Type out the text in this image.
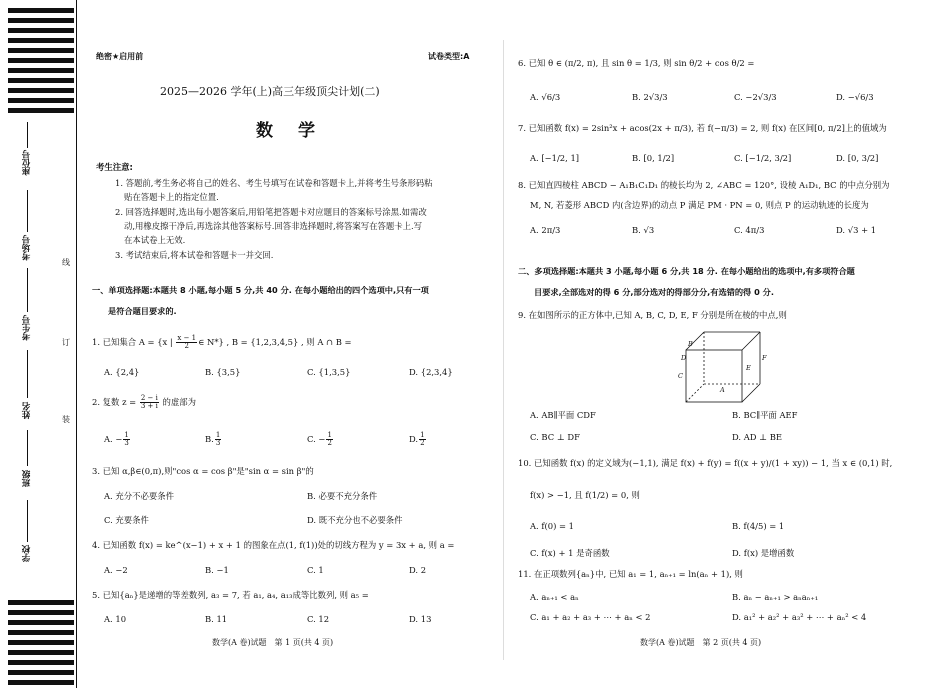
座位号
考场号
考生号
姓名
班级
学校
线
订
装
绝密★启用前	试卷类型:A
2025—2026 学年(上)高三年级顶尖计划(二)
数　学
考生注意:
1. 答题前,考生务必将自己的姓名、考生号填写在试卷和答题卡上,并将考生号条形码粘
贴在答题卡上的指定位置.
2. 回答选择题时,选出每小题答案后,用铅笔把答题卡对应题目的答案标号涂黑.如需改
动,用橡皮擦干净后,再选涂其他答案标号.回答非选择题时,将答案写在答题卡上.写
在本试卷上无效.
3. 考试结束后,将本试卷和答题卡一并交回.
一、单项选择题:本题共 8 小题,每小题 5 分,共 40 分. 在每小题给出的四个选项中,只有一项
是符合题目要求的.
1. 已知集合 A = {x | $\frac{x - 1}{2}$ ∈ N*} , B = {1,2,3,4,5} , 则 A ∩ B =
A. {2,4}	B. {3,5}	C. {1,3,5}	D. {2,3,4}
2. 复数 $z = \frac{2 - i}{3 + i}$ 的虚部为
A. − $\frac{1}{3}$	B. $\frac{1}{3}$	C. − $\frac{1}{2}$	D. $\frac{1}{2}$
3. 已知 α,β∈(0,π),则"cos α = cos β"是"sin α = sin β"的
A. 充分不必要条件	B. 必要不充分条件
C. 充要条件	D. 既不充分也不必要条件
4. 已知函数 f(x) = ke^(x−1) + x + 1 的图象在点(1, f(1))处的切线方程为 y = 3x + a, 则 a =
A. −2	B. −1	C. 1	D. 2
5. 已知{aₙ}是递增的等差数列, a₃ = 7, 若 a₁, a₄, a₁₃成等比数列, 则 a₅ =
A. 10	B. 11	C. 12	D. 13
数学(A 卷)试题　第 1 页(共 4 页)
6. 已知 θ ∈ (π/2, π), 且 sin θ = 1/3, 则 sin θ/2 + cos θ/2 =
A. √6/3	B. 2√3/3	C. −2√3/3	D. −√6/3
7. 已知函数 f(x) = 2sin²x + acos(2x + π/3), 若 f(−π/3) = 2, 则 f(x) 在区间[0, π/2]上的值域为
A. [−1/2, 1]	B. [0, 1/2]	C. [−1/2, 3/2]	D. [0, 3/2]
8. 已知直四棱柱 ABCD − A₁B₁C₁D₁ 的棱长均为 2, ∠ABC = 120°, 设棱 A₁D₁, BC 的中点分别为
M, N, 若菱形 ABCD 内(含边界)的动点 P 满足 PM · PN = 0, 则点 P 的运动轨迹的长度为
A. 2π/3	B. √3	C. 4π/3	D. √3 + 1
二、多项选择题:本题共 3 小题,每小题 6 分,共 18 分. 在每小题给出的选项中,有多项符合题
目要求,全部选对的得 6 分,部分选对的得部分分,有选错的得 0 分.
9. 在如图所示的正方体中,已知 A, B, C, D, E, F 分别是所在棱的中点,则
B
D
C
A
E
F
A. AB∥平面 CDF	B. BC∥平面 AEF
C. BC ⊥ DF	D. AD ⊥ BE
10. 已知函数 f(x) 的定义域为(−1,1), 满足 f(x) + f(y) = f((x + y)/(1 + xy)) − 1, 当 x ∈ (0,1) 时,
f(x) > −1, 且 f(1/2) = 0, 则
A. f(0) = 1	B. f(4/5) = 1
C. f(x) + 1 是奇函数	D. f(x) 是增函数
11. 在正项数列{aₙ}中, 已知 a₁ = 1, aₙ₊₁ = ln(aₙ + 1), 则
A. aₙ₊₁ < aₙ	B. aₙ − aₙ₊₁ > aₙaₙ₊₁
C. a₁ + a₂ + a₃ + ⋯ + aₙ < 2	D. a₁² + a₂² + a₃² + ⋯ + aₙ² < 4
数学(A 卷)试题　第 2 页(共 4 页)
